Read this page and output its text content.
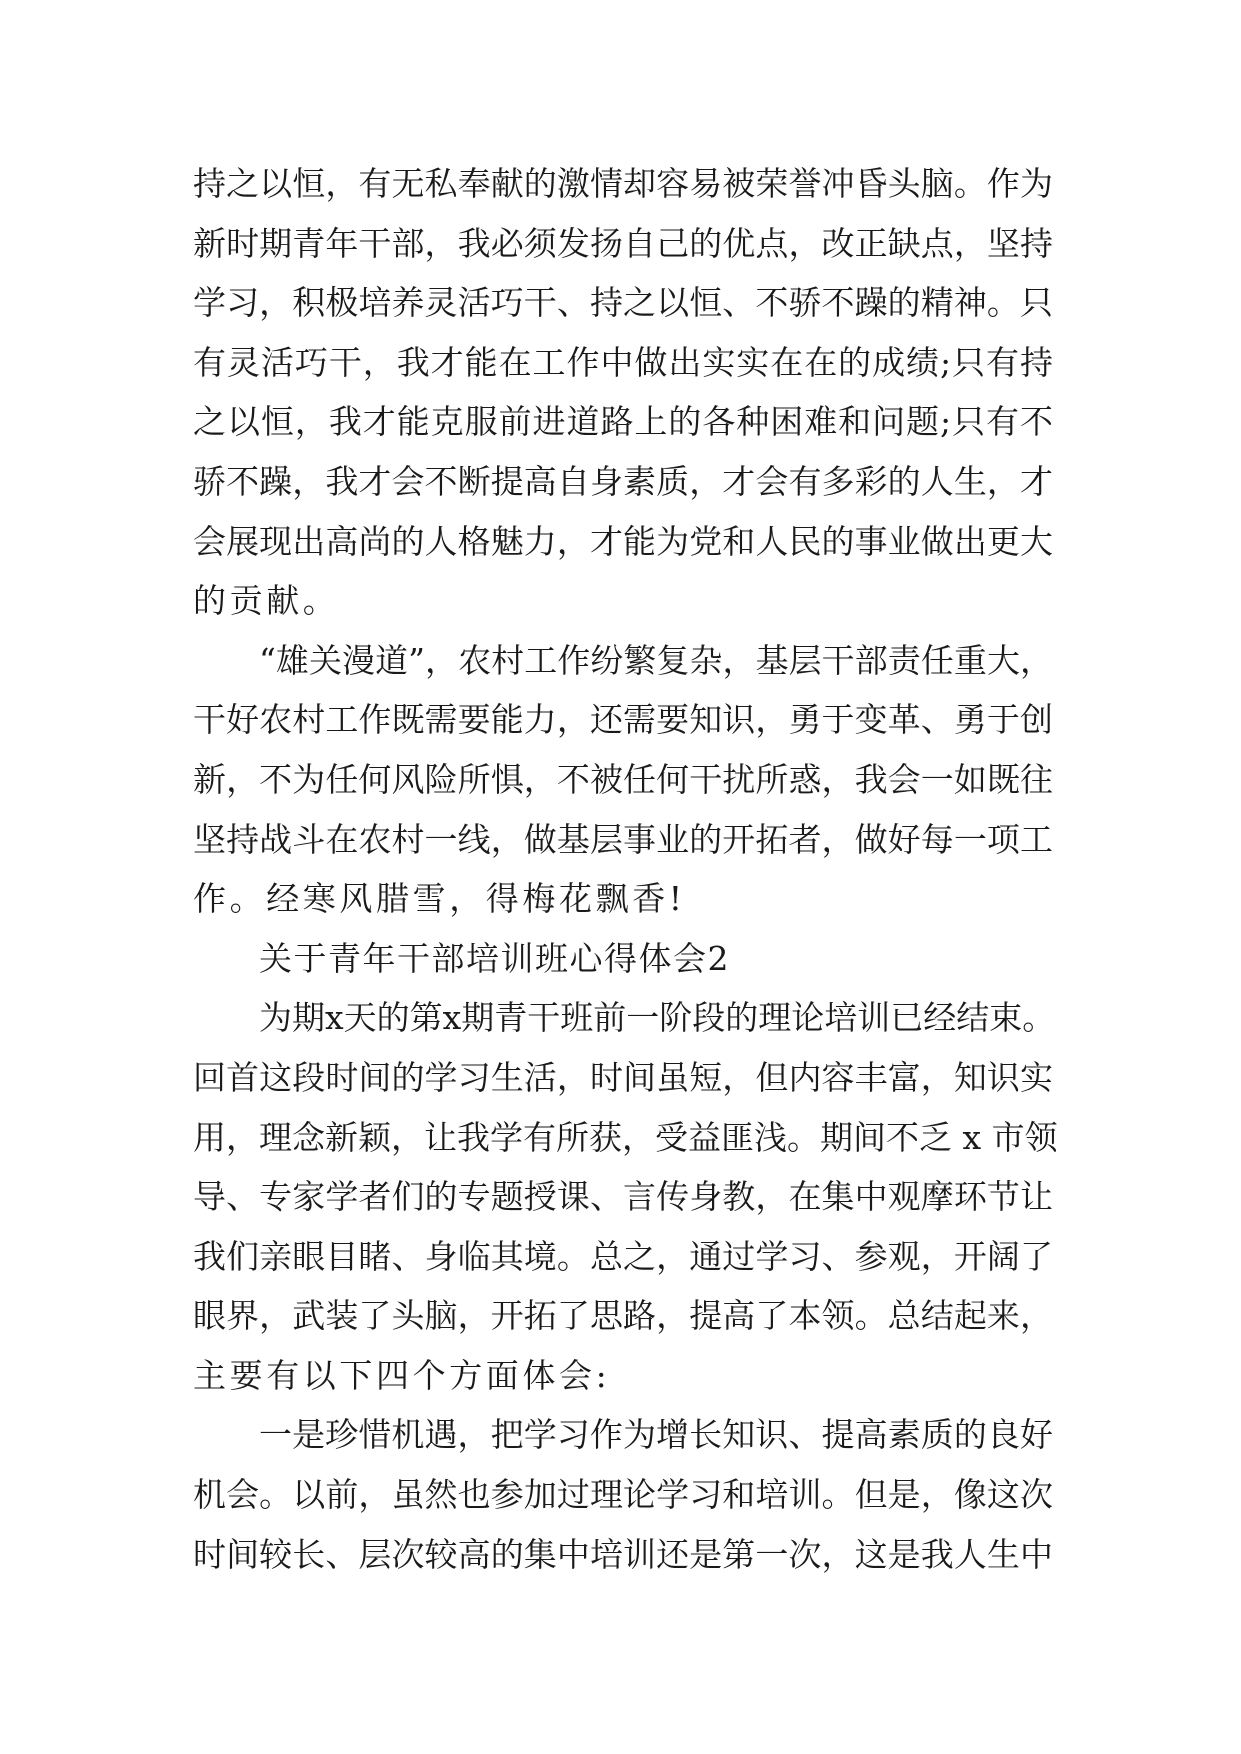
持之以恒，有无私奉献的激情却容易被荣誉冲昏头脑。作为
新时期青年干部，我必须发扬自己的优点，改正缺点，坚持
学习，积极培养灵活巧干、持之以恒、不骄不躁的精神。只
有灵活巧干，我才能在工作中做出实实在在的成绩;只有持
之以恒，我才能克服前进道路上的各种困难和问题;只有不
骄不躁，我才会不断提高自身素质，才会有多彩的人生，才
会展现出高尚的人格魅力，才能为党和人民的事业做出更大
的贡献。
“雄关漫道”，农村工作纷繁复杂，基层干部责任重大，
干好农村工作既需要能力，还需要知识，勇于变革、勇于创
新，不为任何风险所惧，不被任何干扰所惑，我会一如既往
坚持战斗在农村一线，做基层事业的开拓者，做好每一项工
作。经寒风腊雪，得梅花飘香!
关于青年干部培训班心得体会2
为期x天的第x期青干班前一阶段的理论培训已经结束。
回首这段时间的学习生活，时间虽短，但内容丰富，知识实
用，理念新颖，让我学有所获，受益匪浅。期间不乏 x 市领
导、专家学者们的专题授课、言传身教，在集中观摩环节让
我们亲眼目睹、身临其境。总之，通过学习、参观，开阔了
眼界，武装了头脑，开拓了思路，提高了本领。总结起来，
主要有以下四个方面体会:
一是珍惜机遇，把学习作为增长知识、提高素质的良好
机会。以前，虽然也参加过理论学习和培训。但是，像这次
时间较长、层次较高的集中培训还是第一次，这是我人生中
